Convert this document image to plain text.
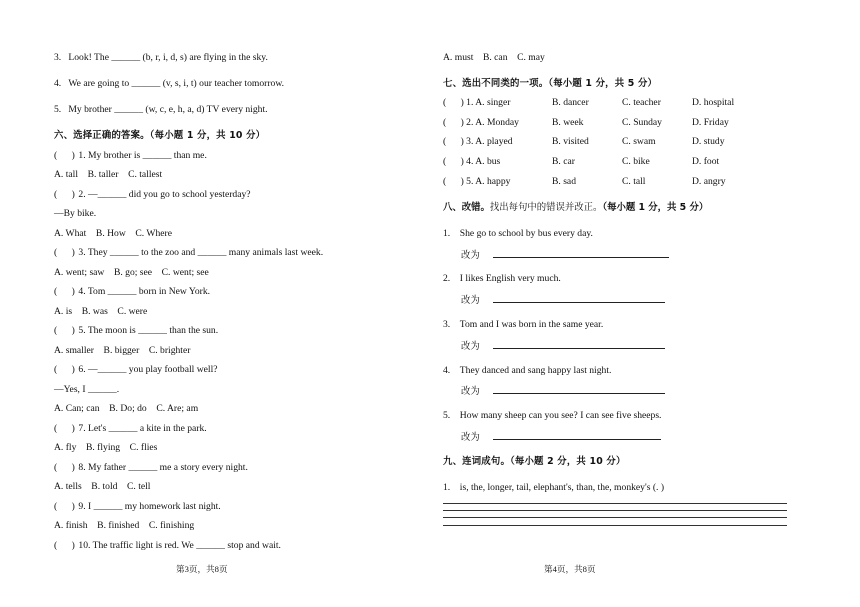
3.   Look! The ______ (b, r, i, d, s) are flying in the sky.
4.   We are going to ______ (v, s, i, t) our teacher tomorrow.
5.   My brother ______ (w, c, e, h, a, d) TV every night.
六、选择正确的答案。（每小题 1 分，共 10 分）
(      ) 1. My brother is ______ than me.
A. tall    B. taller    C. tallest
(      ) 2. —______ did you go to school yesterday?
—By bike.
A. What    B. How    C. Where
(      ) 3. They ______ to the zoo and ______ many animals last week.
A. went; saw    B. go; see    C. went; see
(      ) 4. Tom ______ born in New York.
A. is    B. was    C. were
(      ) 5. The moon is ______ than the sun.
A. smaller    B. bigger    C. brighter
(      ) 6. —______ you play football well?
—Yes, I ______.
A. Can; can    B. Do; do    C. Are; am
(      ) 7. Let's ______ a kite in the park.
A. fly    B. flying    C. flies
(      ) 8. My father ______ me a story every night.
A. tells    B. told    C. tell
(      ) 9. I ______ my homework last night.
A. finish    B. finished    C. finishing
(      ) 10. The traffic light is red. We ______ stop and wait.
第3页，共8页
A. must    B. can    C. may
七、选出不同类的一项。（每小题 1 分，共 5 分）
(      ) 1. A. singer	B. dancer	C. teacher	D. hospital
(      ) 2. A. Monday	B. week	C. Sunday	D. Friday
(      ) 3. A. played	B. visited	C. swam	D. study
(      ) 4. A. bus	B. car	C. bike	D. foot
(      ) 5. A. happy	B. sad	C. tall	D. angry
八、改错。找出每句中的错误并改正。（每小题 1 分，共 5 分）
1.    She go to school by bus every day.
改为
2.    I likes English very much.
改为
3.    Tom and I was born in the same year.
改为
4.    They danced and sang happy last night.
改为
5.    How many sheep can you see? I can see five sheeps.
改为
九、连词成句。（每小题 2 分，共 10 分）
1.    is, the, longer, tail, elephant's, than, the, monkey's (. )
第4页，共8页
